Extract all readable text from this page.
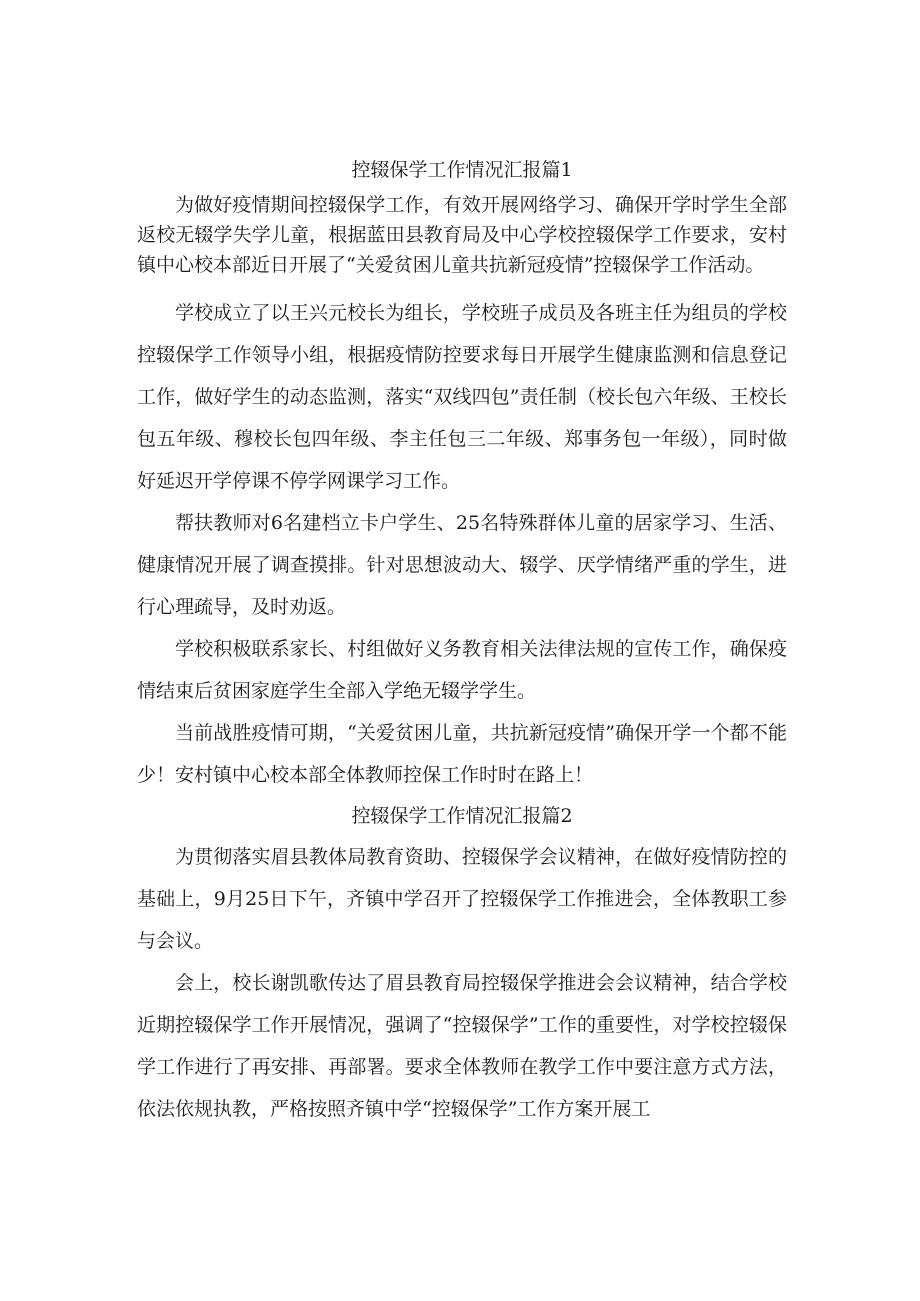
控辍保学工作情况汇报篇1

为做好疫情期间控辍保学工作，有效开展网络学习、确保开学时学生全部返校无辍学失学儿童，根据蓝田县教育局及中心学校控辍保学工作要求，安村镇中心校本部近日开展了“关爱贫困儿童共抗新冠疫情”控辍保学工作活动。

学校成立了以王兴元校长为组长，学校班子成员及各班主任为组员的学校控辍保学工作领导小组，根据疫情防控要求每日开展学生健康监测和信息登记工作，做好学生的动态监测，落实“双线四包”责任制（校长包六年级、王校长包五年级、穆校长包四年级、李主任包三二年级、郑事务包一年级），同时做好延迟开学停课不停学网课学习工作。

帮扶教师对6名建档立卡户学生、25名特殊群体儿童的居家学习、生活、健康情况开展了调查摸排。针对思想波动大、辍学、厌学情绪严重的学生，进行心理疏导，及时劝返。

学校积极联系家长、村组做好义务教育相关法律法规的宣传工作，确保疫情结束后贫困家庭学生全部入学绝无辍学学生。

当前战胜疫情可期，“关爱贫困儿童，共抗新冠疫情”确保开学一个都不能少！安村镇中心校本部全体教师控保工作时时在路上！

控辍保学工作情况汇报篇2

为贯彻落实眉县教体局教育资助、控辍保学会议精神，在做好疫情防控的基础上，9月25日下午，齐镇中学召开了控辍保学工作推进会，全体教职工参与会议。

会上，校长谢凯歌传达了眉县教育局控辍保学推进会会议精神，结合学校近期控辍保学工作开展情况，强调了“控辍保学”工作的重要性，对学校控辍保学工作进行了再安排、再部署。要求全体教师在教学工作中要注意方式方法，依法依规执教，严格按照齐镇中学“控辍保学”工作方案开展工
